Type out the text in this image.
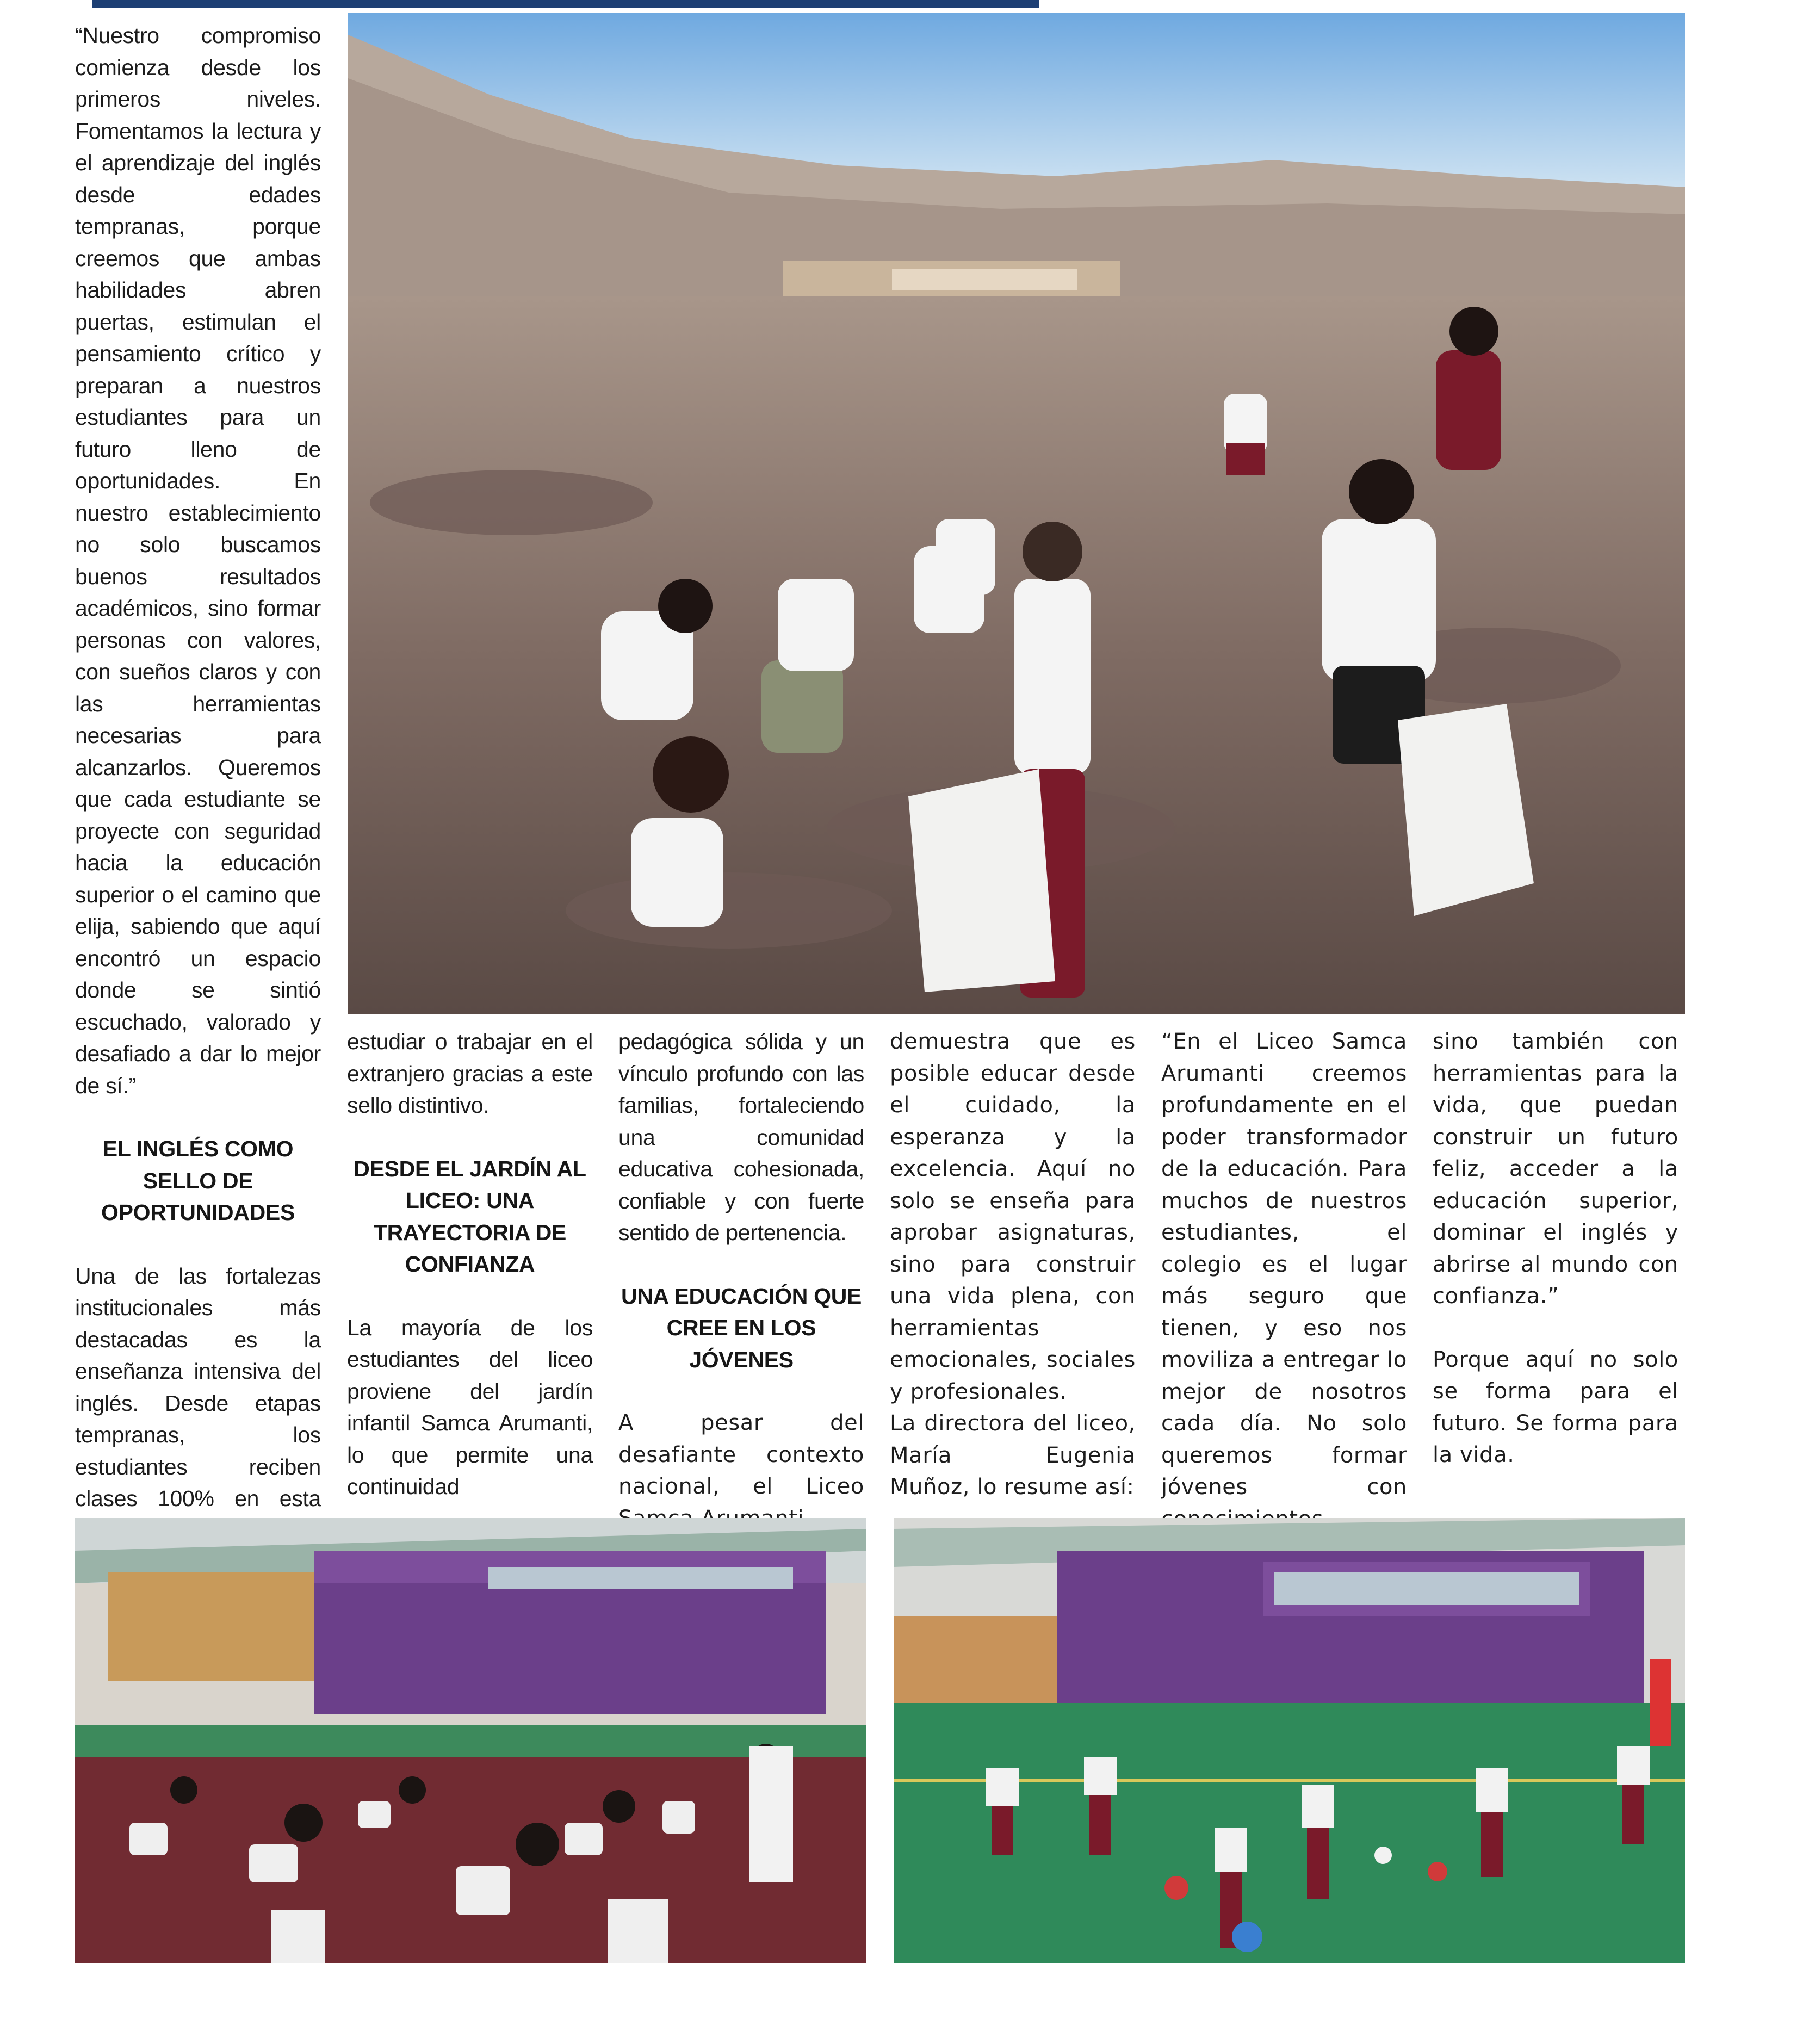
“Nuestro compromiso comienza desde los primeros niveles. Fomentamos la lectura y el aprendizaje del inglés desde edades tempranas, porque creemos que ambas habilidades abren puertas, estimulan el pensamiento crítico y preparan a nuestros estudiantes para un futuro lleno de oportunidades. En nuestro establecimiento no solo buscamos buenos resultados académicos, sino formar personas con valores, con sueños claros y con las herramientas necesarias para alcanzarlos. Queremos que cada estudiante se proyecte con seguridad hacia la educación superior o el camino que elija, sabiendo que aquí encontró un espacio donde se sintió escuchado, valorado y desafiado a dar lo mejor de sí.”

EL INGLÉS COMO SELLO DE OPORTUNIDADES

Una de las fortalezas institucionales más destacadas es la enseñanza intensiva del inglés. Desde etapas tempranas, los estudiantes reciben clases 100% en esta

estudiar o trabajar en el extranjero gracias a este sello distintivo.

DESDE EL JARDÍN AL LICEO: UNA TRAYECTORIA DE CONFIANZA

La mayoría de los estudiantes del liceo proviene del jardín infantil Samca Arumanti, lo que permite una continuidad

pedagógica sólida y un vínculo profundo con las familias, fortaleciendo una comunidad educativa cohesionada, confiable y con fuerte sentido de pertenencia.

UNA EDUCACIÓN QUE CREE EN LOS JÓVENES

A pesar del desafiante contexto nacional, el Liceo

demuestra que es posible educar desde el cuidado, la esperanza y la excelencia. Aquí no solo se enseña para aprobar asignaturas, sino para construir una vida plena, con herramientas emocionales, sociales y profesionales.

La directora del liceo, María Eugenia Muñoz, lo resume así:

“En el Liceo Samca Arumanti creemos profundamente en el poder transformador de la educación. Para muchos de nuestros estudiantes, el colegio es el lugar más seguro que tienen, y eso nos moviliza a entregar lo mejor de nosotros cada día. No solo queremos formar jóvenes con

sino también con herramientas para la vida, que puedan construir un futuro feliz, acceder a la educación superior, dominar el inglés y abrirse al mundo con confianza.”

Porque aquí no solo se forma para el futuro. Se forma para la vida.
